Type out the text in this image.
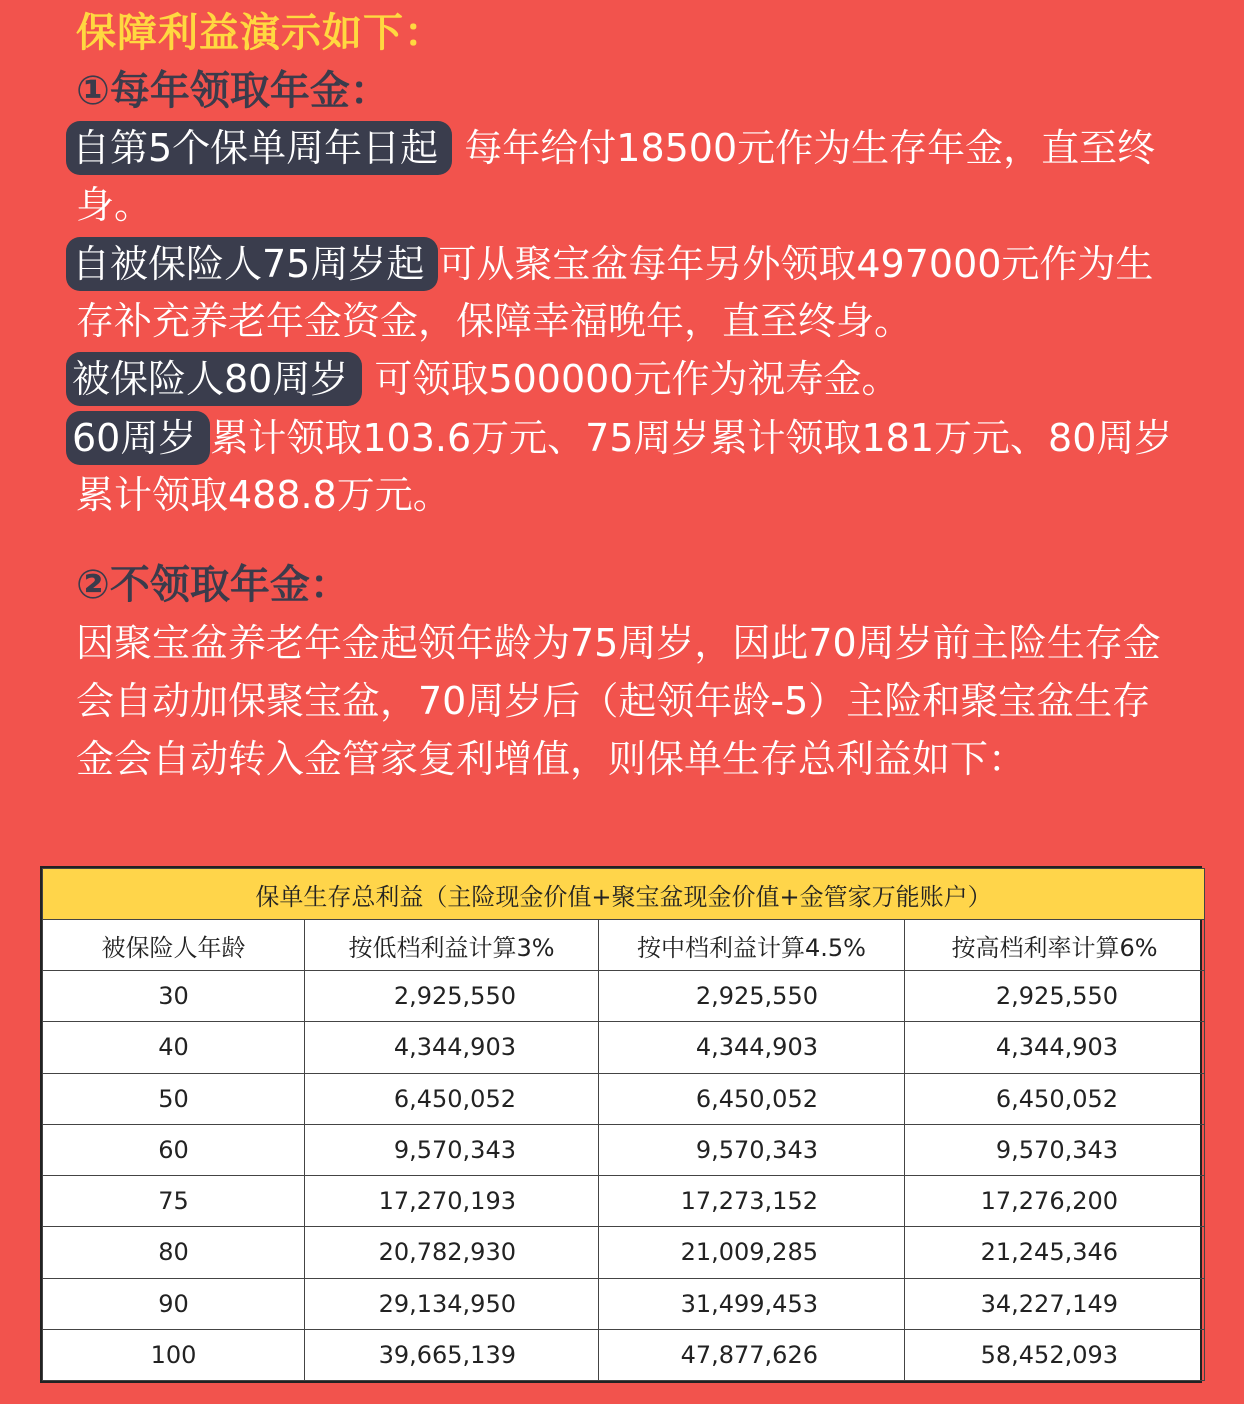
保障利益演示如下：
①每年领取年金：
自第5个保单周年日起 每年给付18500元作为生存年金，直至终身。
自被保险人75周岁起 可从聚宝盆每年另外领取497000元作为生存补充养老年金资金，保障幸福晚年，直至终身。
被保险人80周岁 可领取500000元作为祝寿金。
60周岁 累计领取103.6万元、75周岁累计领取181万元、80周岁累计领取488.8万元。
②不领取年金：
因聚宝盆养老年金起领年龄为75周岁，因此70周岁前主险生存金会自动加保聚宝盆，70周岁后（起领年龄-5）主险和聚宝盆生存金会自动转入金管家复利增值，则保单生存总利益如下：
保单生存总利益（主险现金价值+聚宝盆现金价值+金管家万能账户）			
被保险人年龄	按低档利益计算3%	按中档利益计算4.5%	按高档利率计算6%
30	2,925,550	2,925,550	2,925,550
40	4,344,903	4,344,903	4,344,903
50	6,450,052	6,450,052	6,450,052
60	9,570,343	9,570,343	9,570,343
75	17,270,193	17,273,152	17,276,200
80	20,782,930	21,009,285	21,245,346
90	29,134,950	31,499,453	34,227,149
100	39,665,139	47,877,626	58,452,093
